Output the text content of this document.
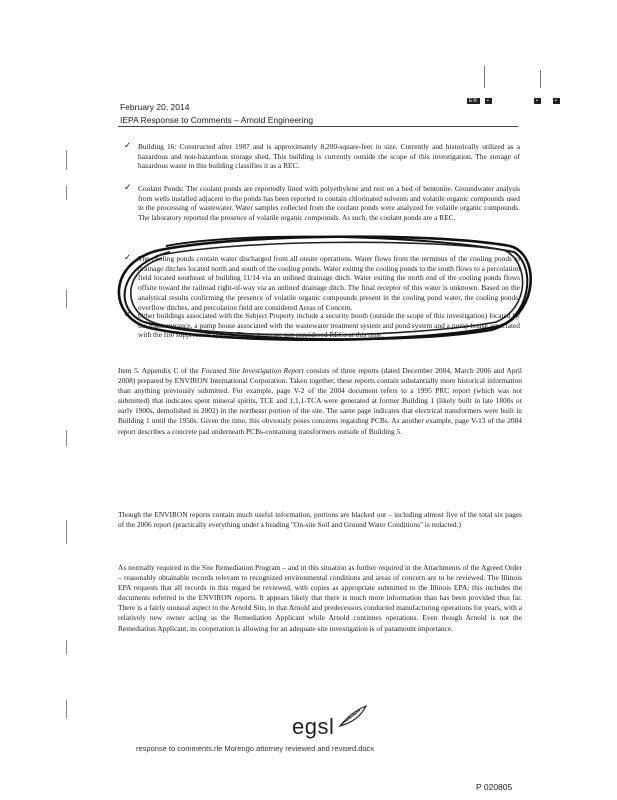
February 20, 2014
IEPA Response to Comments – Arnold Engineering
ER	•	•	•
✓ Building 16: Constructed after 1987 and is approximately 8,200-square-feet in size. Currently and historically utilized as a hazardous and non-hazardous storage shed. This building is currently outside the scope of this investigation. The storage of hazardous waste in this building classifies it as a REC.
✓ Coolant Ponds: The coolant ponds are reportedly lined with polyethylene and rest on a bed of bentonite. Groundwater analysis from wells installed adjacent to the ponds has been reported to contain chlorinated solvents and volatile organic compounds used in the processing of wastewater. Water samples collected from the coolant ponds were analyzed for volatile organic compounds. The laboratory reported the presence of volatile organic compounds. As such, the coolant ponds are a REC.
✓ The cooling ponds contain water discharged from all onsite operations. Water flows from the terminus of the cooling ponds to drainage ditches located north and south of the cooling ponds. Water exiting the cooling ponds to the south flows to a percolation field located southeast of building 11/14 via an unlined drainage ditch. Water exiting the north end of the cooling ponds flows offsite toward the railroad right-of-way via an unlined drainage ditch. The final receptor of this water is unknown. Based on the analytical results confirming the presence of volatile organic compounds present in the cooling pond water, the cooling ponds, overflow ditches, and percolation field are considered Areas of Concern.
✓ Other buildings associated with the Subject Property include a security booth (outside the scope of this investigation) located by the main entrance, a pump house associated with the wastewater treatment system and pond system and a pump house associated with the fire suppression system. These areas are not considered RECs at this time.
Item 5. Appendix C of the Focused Site Investigation Report consists of three reports (dated December 2004, March 2006 and April 2008) prepared by ENVIRON International Corporation. Taken together, these reports contain substantially more historical information than anything previously submitted. For example, page V-2 of the 2004 document refers to a 1995 PRC report (which was not submitted) that indicates spent mineral spirits, TCE and 1,1,1-TCA were generated at former Building 1 (likely built in late 1800s or early 1900s, demolished in 2002) in the northeast portion of the site. The same page indicates that electrical transformers were built in Building 1 until the 1950s. Given the time, this obviously poses concerns regarding PCBs. As another example, page V-13 of the 2004 report describes a concrete pad underneath PCBs-containing transformers outside of Building 5.
Though the ENVIRON reports contain much useful information, portions are blacked out – including almost five of the total six pages of the 2006 report (practically everything under a heading "On-site Soil and Ground Water Conditions" is redacted.)
As normally required in the Site Remediation Program – and in this situation as further required in the Attachments of the Agreed Order – reasonably obtainable records relevant to recognized environmental conditions and areas of concern are to be reviewed. The Illinois EPA requests that all records in this regard be reviewed, with copies as appropriate submitted to the Illinois EPA; this includes the documents referred to the ENVIRON reports. It appears likely that there is much more information than has been provided thus far. There is a fairly unusual aspect to the Arnold Site, in that Arnold and predecessors conducted manufacturing operations for years, with a relatively new owner acting as the Remediation Applicant while Arnold continues operations. Even though Arnold is not the Remediation Applicant, its cooperation is allowing for an adequate site investigation is of paramount importance.
egsl
response to comments.rle Morengo attorney reviewed and revised.docx
P 020805
